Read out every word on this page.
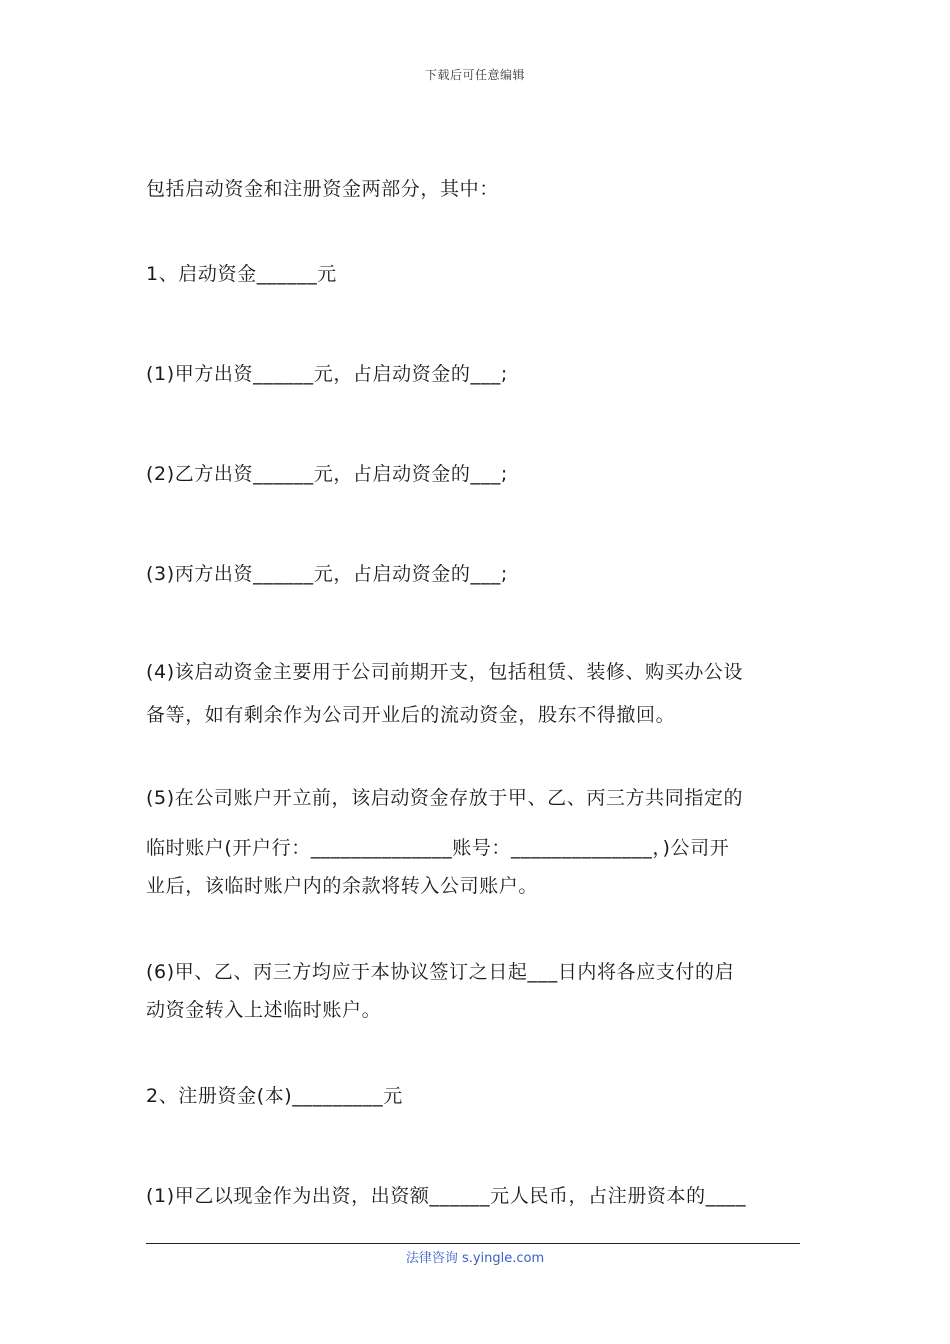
下载后可任意编辑
包括启动资金和注册资金两部分，其中：
1、启动资金______元
(1)甲方出资______元，占启动资金的___;
(2)乙方出资______元，占启动资金的___;
(3)丙方出资______元，占启动资金的___;
(4)该启动资金主要用于公司前期开支，包括租赁、装修、购买办公设
备等，如有剩余作为公司开业后的流动资金，股东不得撤回。
(5)在公司账户开立前，该启动资金存放于甲、乙、丙三方共同指定的
临时账户(开户行：______________账号：______________，)公司开
业后，该临时账户内的余款将转入公司账户。
(6)甲、乙、丙三方均应于本协议签订之日起___日内将各应支付的启
动资金转入上述临时账户。
2、注册资金(本)_________元
(1)甲乙以现金作为出资，出资额______元人民币，占注册资本的____
法律咨询 s.yingle.com
